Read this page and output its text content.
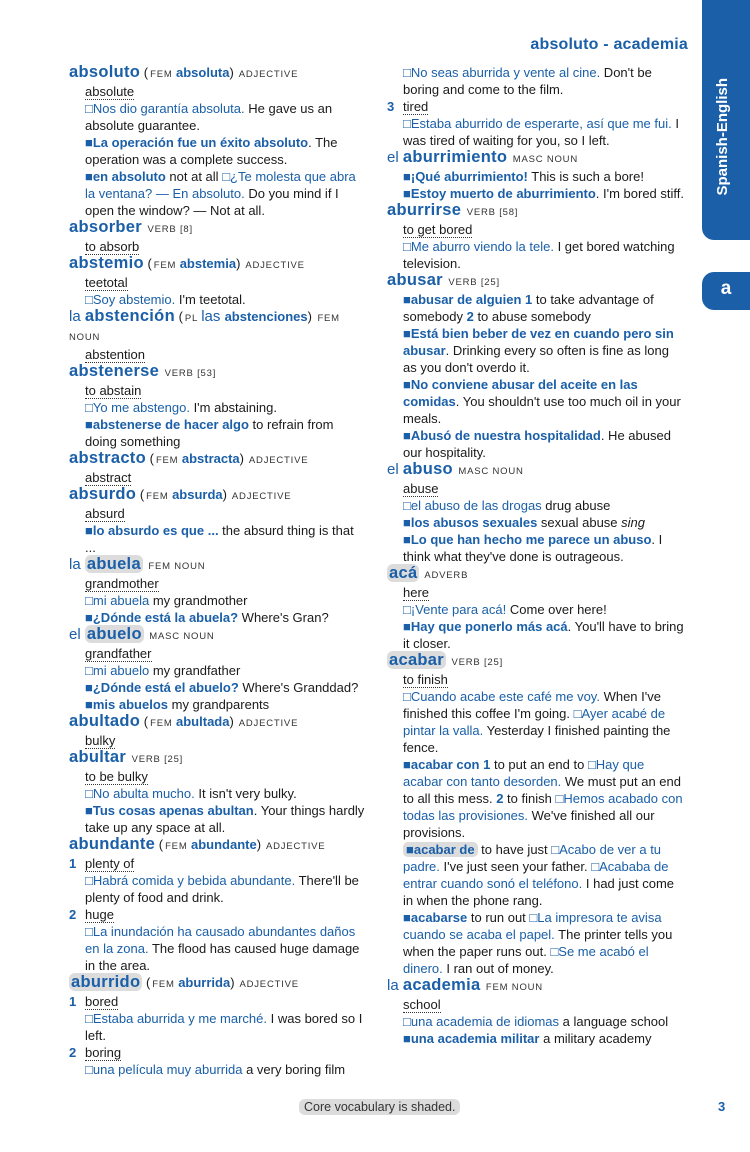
absoluto - academia
Spanish-English
a
absoluto ( FEM absoluta) ADJECTIVE
absolute
□ Nos dio garantía absoluta. He gave us an absolute guarantee.
■ La operación fue un éxito absoluto. The operation was a complete success.
■ en absoluto not at all □ ¿Te molesta que abra la ventana? — En absoluto. Do you mind if I open the window? — Not at all.
absorber VERB [8]
to absorb
abstemio ( FEM abstemia) ADJECTIVE
teetotal
□ Soy abstemio. I'm teetotal.
la abstención ( PL las abstenciones) FEM NOUN
abstention
abstenerse VERB [53]
to abstain
□ Yo me abstengo. I'm abstaining.
■ abstenerse de hacer algo to refrain from doing something
abstracto ( FEM abstracta) ADJECTIVE
abstract
absurdo ( FEM absurda) ADJECTIVE
absurd
■ lo absurdo es que ... the absurd thing is that ...
la abuela FEM NOUN
grandmother
□ mi abuela my grandmother
■ ¿Dónde está la abuela? Where's Gran?
el abuelo MASC NOUN
grandfather
□ mi abuelo my grandfather
■ ¿Dónde está el abuelo? Where's Granddad?
■ mis abuelos my grandparents
abultado ( FEM abultada) ADJECTIVE
bulky
abultar VERB [25]
to be bulky
□ No abulta mucho. It isn't very bulky.
■ Tus cosas apenas abultan. Your things hardly take up any space at all.
abundante ( FEM abundante) ADJECTIVE
1 plenty of
□ Habrá comida y bebida abundante. There'll be plenty of food and drink.
2 huge
□ La inundación ha causado abundantes daños en la zona. The flood has caused huge damage in the area.
aburrido ( FEM aburrida) ADJECTIVE
1 bored
□ Estaba aburrida y me marché. I was bored so I left.
2 boring
□ una película muy aburrida a very boring film
□ No seas aburrida y vente al cine. Don't be boring and come to the film.
3 tired
□ Estaba aburrido de esperarte, así que me fui. I was tired of waiting for you, so I left.
el aburrimiento MASC NOUN
■ ¡Qué aburrimiento! This is such a bore!
■ Estoy muerto de aburrimiento. I'm bored stiff.
aburrirse VERB [58]
to get bored
□ Me aburro viendo la tele. I get bored watching television.
abusar VERB [25]
■ abusar de alguien 1 to take advantage of somebody 2 to abuse somebody
■ Está bien beber de vez en cuando pero sin abusar. Drinking every so often is fine as long as you don't overdo it.
■ No conviene abusar del aceite en las comidas. You shouldn't use too much oil in your meals.
■ Abusó de nuestra hospitalidad. He abused our hospitality.
el abuso MASC NOUN
abuse
□ el abuso de las drogas drug abuse
■ los abusos sexuales sexual abuse sing
■ Lo que han hecho me parece un abuso. I think what they've done is outrageous.
acá ADVERB
here
□ ¡Vente para acá! Come over here!
■ Hay que ponerlo más acá. You'll have to bring it closer.
acabar VERB [25]
to finish
□ Cuando acabe este café me voy. When I've finished this coffee I'm going. □ Ayer acabé de pintar la valla. Yesterday I finished painting the fence.
■ acabar con 1 to put an end to □ Hay que acabar con tanto desorden. We must put an end to all this mess. 2 to finish □ Hemos acabado con todas las provisiones. We've finished all our provisions.
■ acabar de to have just □ Acabo de ver a tu padre. I've just seen your father. □ Acababa de entrar cuando sonó el teléfono. I had just come in when the phone rang.
■ acabarse to run out □ La impresora te avisa cuando se acaba el papel. The printer tells you when the paper runs out. □ Se me acabó el dinero. I ran out of money.
la academia FEM NOUN
school
□ una academia de idiomas a language school
■ una academia militar a military academy
Core vocabulary is shaded.	3
